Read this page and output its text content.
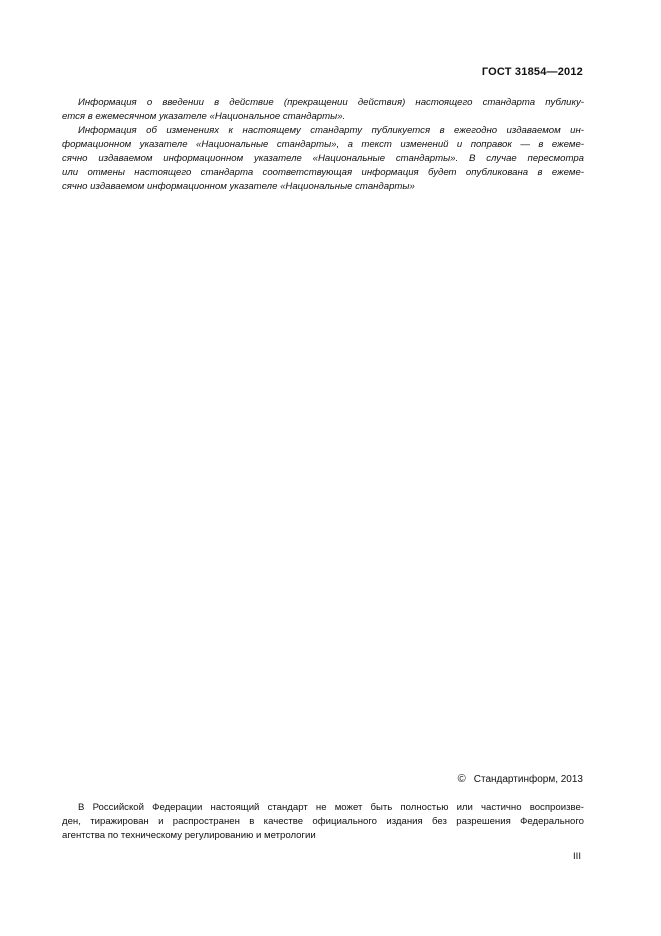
ГОСТ 31854—2012
Информация о введении в действие (прекращении действия) настоящего стандарта публику-
ется в ежемесячном указателе «Национальное стандарты».
Информация об изменениях к настоящему стандарту публикуется в ежегодно издаваемом ин-
формационном указателе «Национальные стандарты», а текст изменений и поправок — в ежеме-
сячно издаваемом информационном указателе «Национальные стандарты». В случае пересмотра
или отмены настоящего стандарта соответствующая информация будет опубликована в ежеме-
сячно издаваемом информационном указателе «Национальные стандарты»
© Стандартинформ, 2013
В Российской Федерации настоящий стандарт не может быть полностью или частично воспроизве-
ден, тиражирован и распространен в качестве официального издания без разрешения Федерального
агентства по техническому регулированию и метрологии
III
